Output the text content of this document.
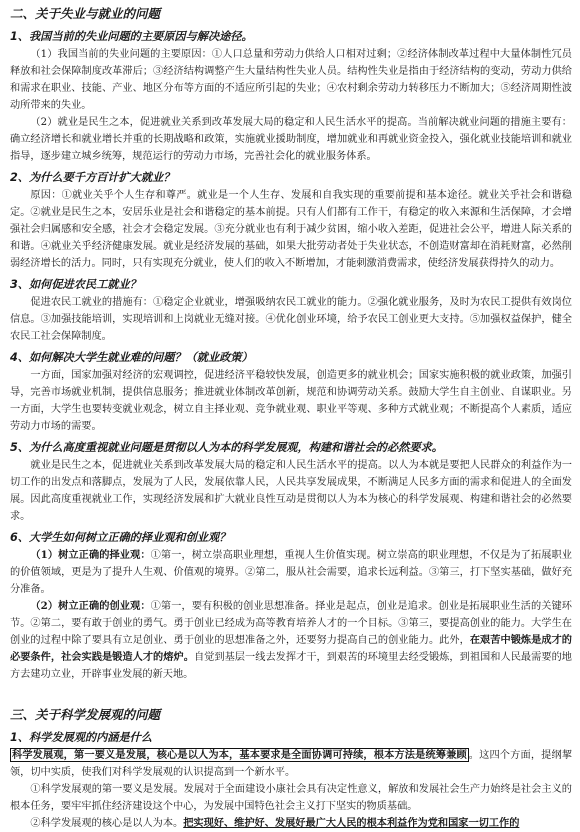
二、关于失业与就业的问题
1、我国当前的失业问题的主要原因与解决途径。

（1）我国当前的失业问题的主要原因：①人口总量和劳动力供给人口相对过剩；②经济体制改革过程中大量体制性冗员释放和社会保障制度改革滞后；③经济结构调整产生大量结构性失业人员。结构性失业是指由于经济结构的变动，劳动力供给和需求在职业、技能、产业、地区分布等方面的不适应所引起的失业；④农村剩余劳动力转移压力不断加大；⑤经济周期性波动所带来的失业。

（2）就业是民生之本，促进就业关系到改革发展大局的稳定和人民生活水平的提高。当前解决就业问题的措施主要有：确立经济增长和就业增长并重的长期战略和政策，实施就业援助制度，增加就业和再就业资金投入，强化就业技能培训和就业指导，逐步建立城乡统筹，规范运行的劳动力市场，完善社会化的就业服务体系。

2、为什么要千方百计扩大就业？

原因：①就业关乎个人生存和尊严。就业是一个人生存、发展和自我实现的重要前提和基本途径。就业关乎社会和谐稳定。②就业是民生之本，安居乐业是社会和谐稳定的基本前提。只有人们都有工作干，有稳定的收入来源和生活保障，才会增强社会归属感和安全感，社会才会稳定发展。③充分就业也有利于减少贫困，缩小收入差距，促进社会公平，增进人际关系的和谐。④就业关乎经济健康发展。就业是经济发展的基础，如果大批劳动者处于失业状态，不创造财富却在消耗财富，必然削弱经济增长的活力。同时，只有实现充分就业，使人们的收入不断增加，才能刺激消费需求，使经济发展获得持久的动力。

3、如何促进农民工就业？

促进农民工就业的措施有：①稳定企业就业，增强吸纳农民工就业的能力。②强化就业服务，及时为农民工提供有效岗位信息。③加强技能培训，实现培训和上岗就业无缝对接。④优化创业环境，给予农民工创业更大支持。⑤加强权益保护，健全农民工社会保障制度。

4、如何解决大学生就业难的问题？（就业政策）

一方面，国家加强对经济的宏观调控，促进经济平稳较快发展，创造更多的就业机会；国家实施积极的就业政策，加强引导，完善市场就业机制，提供信息服务；推进就业体制改革创新，规范和协调劳动关系。鼓励大学生自主创业、自谋职业。另一方面，大学生也要转变就业观念，树立自主择业观、竞争就业观、职业平等观、多种方式就业观；不断提高个人素质，适应劳动力市场的需要。

5、为什么高度重视就业问题是贯彻以人为本的科学发展观，构建和谐社会的必然要求。

就业是民生之本，促进就业关系到改革发展大局的稳定和人民生活水平的提高。以人为本就是要把人民群众的利益作为一切工作的出发点和落脚点，发展为了人民，发展依靠人民，人民共享发展成果，不断满足人民多方面的需求和促进人的全面发展。因此高度重视就业工作，实现经济发展和扩大就业良性互动是贯彻以人为本为核心的科学发展观、构建和谐社会的必然要求。

6、大学生如何树立正确的择业观和创业观？

（1）树立正确的择业观：①第一，树立崇高职业理想，重视人生价值实现。树立崇高的职业理想，不仅是为了拓展职业的价值领域，更是为了提升人生观、价值观的境界。②第二，服从社会需要，追求长远利益。③第三，打下坚实基础，做好充分准备。

（2）树立正确的创业观：①第一，要有积极的创业思想准备。择业是起点，创业是追求。创业是拓展职业生活的关键环节。②第二，要有敢于创业的勇气。勇于创业已经成为高等教育培养人才的一个目标。③第三，要提高创业的能力。大学生在创业的过程中除了要具有立足创业、勇于创业的思想准备之外，还要努力提高自己的创业能力。此外，在艰苦中锻炼是成才的必要条件，社会实践是锻造人才的熔炉。自觉到基层一线去发挥才干，到艰苦的环境里去经受锻炼，到祖国和人民最需要的地方去建功立业，开辟事业发展的新天地。

三、关于科学发展观的问题
1、科学发展观的内涵是什么

科学发展观，第一要义是发展，核心是以人为本，基本要求是全面协调可持续，根本方法是统筹兼顾 。这四个方面，提纲挈领，切中实质，使我们对科学发展观的认识提高到一个新水平。

①科学发展观的第一要义是发展。发展对于全面建设小康社会具有决定性意义，解放和发展社会生产力始终是社会主义的根本任务，要牢牢抓住经济建设这个中心，为发展中国特色社会主义打下坚实的物质基础。

②科学发展观的核心是以人为本。把实现好、维护好、发展好最广大人民的根本利益作为党和国家一切工作的
